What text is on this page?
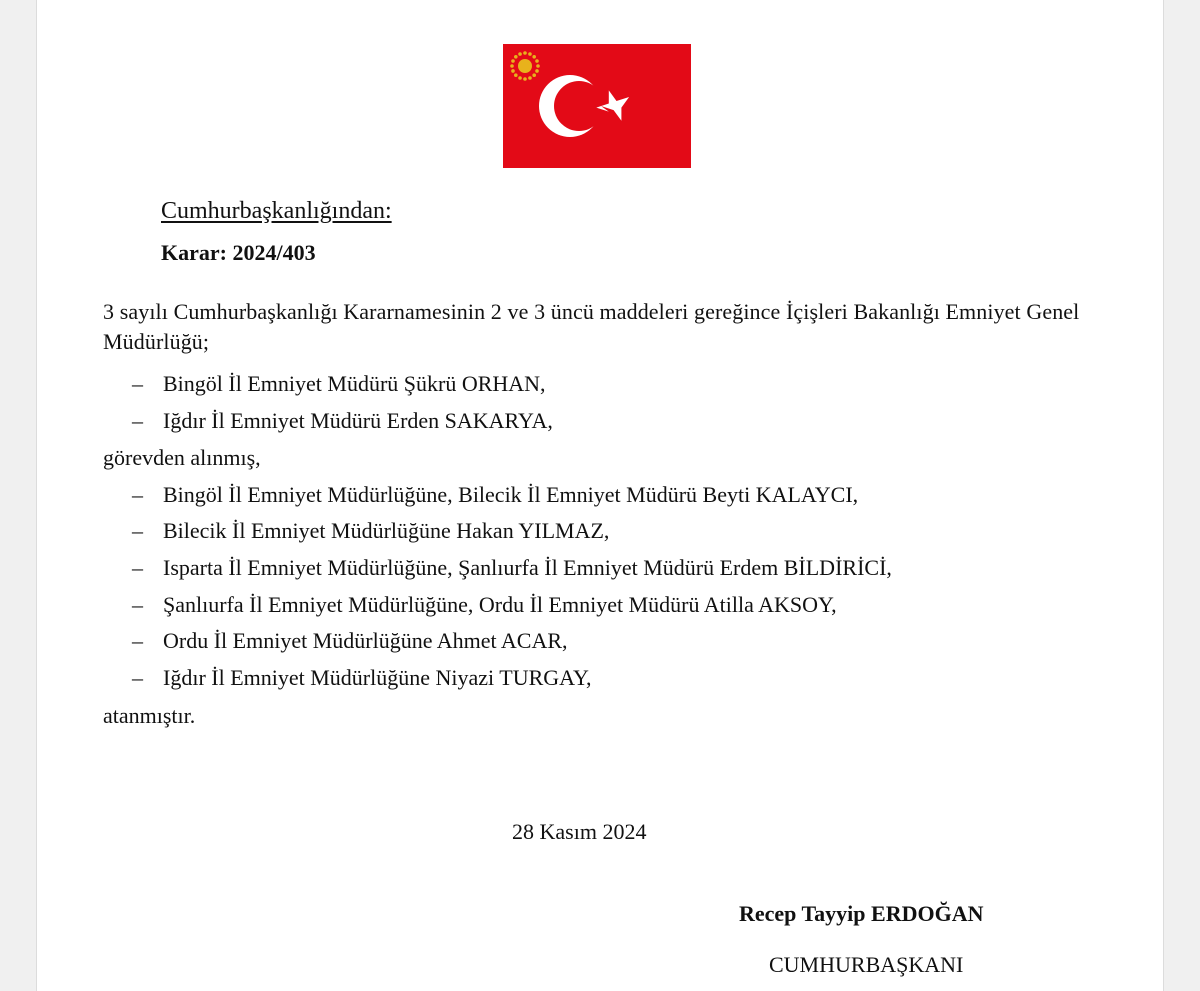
Cumhurbaşkanlığından:
Karar: 2024/403
3 sayılı Cumhurbaşkanlığı Kararnamesinin 2 ve 3 üncü maddeleri gereğince İçişleri Bakanlığı Emniyet Genel Müdürlüğü;
– Bingöl İl Emniyet Müdürü Şükrü ORHAN,
– Iğdır İl Emniyet Müdürü Erden SAKARYA,
görevden alınmış,
– Bingöl İl Emniyet Müdürlüğüne, Bilecik İl Emniyet Müdürü Beyti KALAYCI,
– Bilecik İl Emniyet Müdürlüğüne Hakan YILMAZ,
– Isparta İl Emniyet Müdürlüğüne, Şanlıurfa İl Emniyet Müdürü Erdem BİLDİRİCİ,
– Şanlıurfa İl Emniyet Müdürlüğüne, Ordu İl Emniyet Müdürü Atilla AKSOY,
– Ordu İl Emniyet Müdürlüğüne Ahmet ACAR,
– Iğdır İl Emniyet Müdürlüğüne Niyazi TURGAY,
atanmıştır.
28 Kasım 2024
Recep Tayyip ERDOĞAN
CUMHURBAŞKANI
